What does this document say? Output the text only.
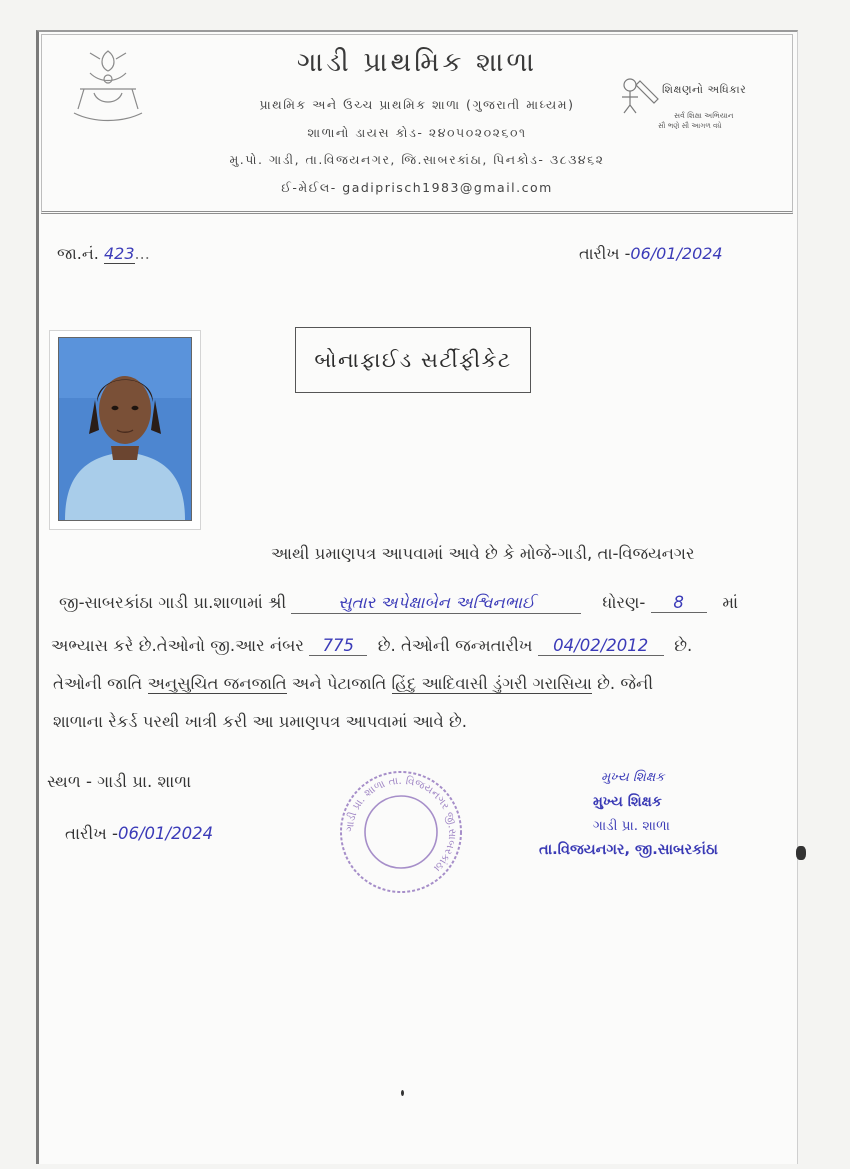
ગાડી પ્રાથમિક શાળા
પ્રાથમિક અને ઉચ્ચ પ્રાથમિક શાળા (ગુજરાતી માધ્યમ)
શાળાનો ડાયસ કોડ- ૨૪૦૫૦૨૦૨૬૦૧
મુ.પો. ગાડી, તા.વિજયનગર, જિ.સાબરકાંઠા, પિનકોડ- ૩૮૩૪૬૨
ઈ-મેઈલ- gadiprisch1983@gmail.com
શિક્ષણનો અધિકાર
સર્વ શિક્ષા અભિયાન
સૌ ભણે સૌ આગળ વધે
જા.નં. 423...	તારીખ -06/01/2024
બોનાફાઈડ સર્ટીફીકેટ
આથી પ્રમાણપત્ર આપવામાં આવે છે કે મોજે-ગાડી, તા-વિજયનગર
જી-સાબરકાંઠા ગાડી પ્રા.શાળામાં શ્રી	સુતાર અપેક્ષાબેન અશ્વિનભાઈ	ધોરણ- 8 માં
અભ્યાસ કરે છે.તેઓનો જી.આર નંબર 775 છે. તેઓની જન્મતારીખ 04/02/2012 છે.
તેઓની જાતિ અનુસુચિત જનજાતિ અને પેટાજાતિ હિંદુ આદિવાસી ડુંગરી ગરાસિયા છે. જેની
શાળાના રેકર્ડ પરથી ખાત્રી કરી આ પ્રમાણપત્ર આપવામાં આવે છે.
સ્થળ - ગાડી પ્રા. શાળા
તારીખ -06/01/2024	ગાડી પ્રા. શાળા તા. વિજયનગર જી.સાબરકાંઠા
મુખ્ય શિક્ષક
મુખ્ય શિક્ષક
ગાડી પ્રા. શાળા
તા.વિજયનગર, જી.સાબરકાંઠા
